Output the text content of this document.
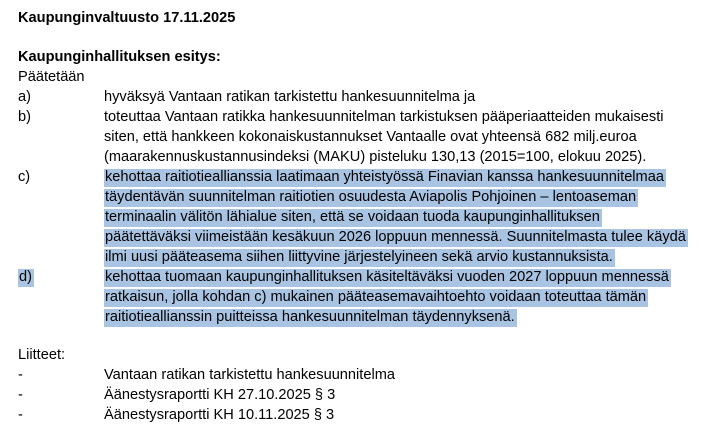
Kaupunginvaltuusto 17.11.2025
Kaupunginhallituksen esitys:
Päätetään
a)	hyväksyä Vantaan ratikan tarkistettu hankesuunnitelma ja
b)	toteuttaa Vantaan ratikka hankesuunnitelman tarkistuksen pääperiaatteiden mukaisesti
siten, että hankkeen kokonaiskustannukset Vantaalle ovat yhteensä 682 milj.euroa
(maarakennuskustannusindeksi (MAKU) pisteluku 130,13 (2015=100, elokuu 2025).
c)	kehottaa raitiotieallianssia laatimaan yhteistyössä Finavian kanssa hankesuunnitelmaa
täydentävän suunnitelman raitiotien osuudesta Aviapolis Pohjoinen – lentoaseman
terminaalin välitön lähialue siten, että se voidaan tuoda kaupunginhallituksen
päätettäväksi viimeistään kesäkuun 2026 loppuun mennessä. Suunnitelmasta tulee käydä
ilmi uusi pääteasema siihen liittyvine järjestelyineen sekä arvio kustannuksista.
d)	kehottaa tuomaan kaupunginhallituksen käsiteltäväksi vuoden 2027 loppuun mennessä
ratkaisun, jolla kohdan c) mukainen pääteasemavaihtoehto voidaan toteuttaa tämän
raitiotieallianssin puitteissa hankesuunnitelman täydennyksenä.
Liitteet:
-	Vantaan ratikan tarkistettu hankesuunnitelma
-	Äänestysraportti KH 27.10.2025 § 3
-	Äänestysraportti KH 10.11.2025 § 3
